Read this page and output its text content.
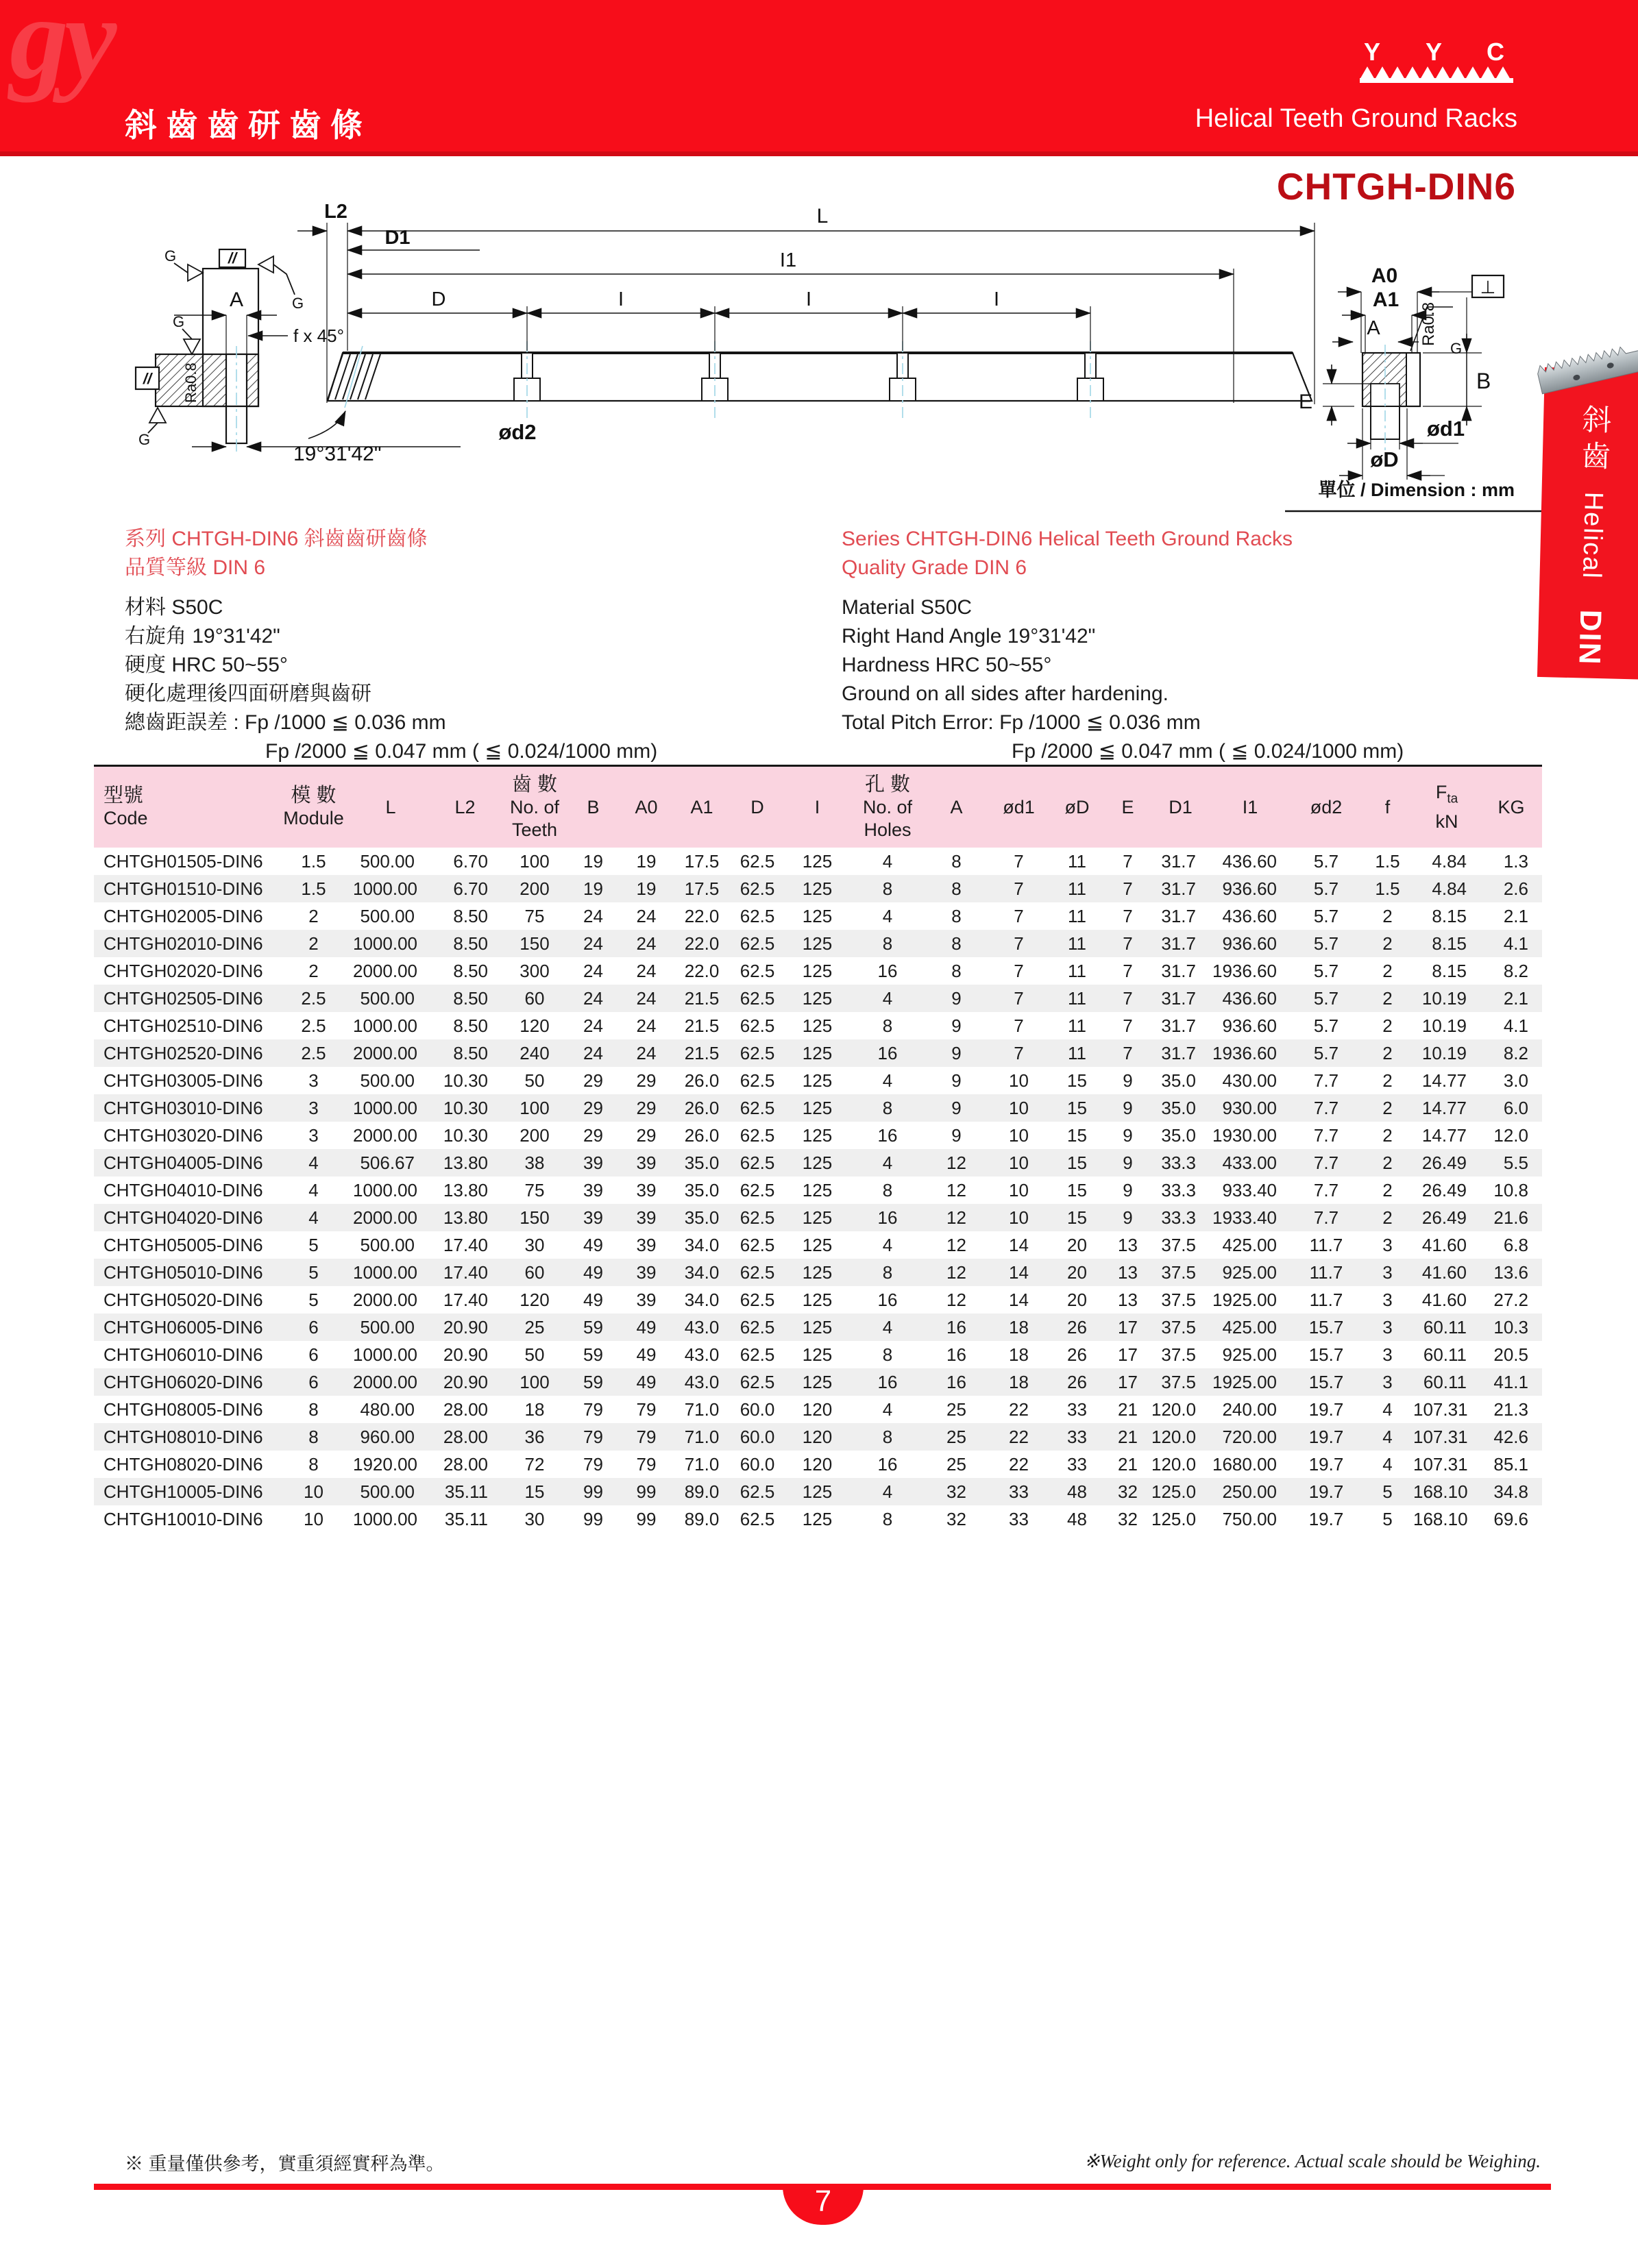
gy
斜齒齒研齒條	Helical Teeth Ground Racks
Y Y C
CHTGH-DIN6
//
//
G
G
G
G
Ra0.8
A
f x 45°
ød2
19°31'42"
L2	L
I1
D1
D	I	I	I
A0
A1
A
⊥
B
E
ød1
øD
Ra0.8
G
單位 / Dimension : mm
斜齒
Helical
DIN
系列 CHTGH-DIN6 斜齒齒研齒條
品質等級 DIN 6
材料 S50C
右旋角 19°31'42"
硬度 HRC 50~55°
硬化處理後四面研磨與齒研
總齒距誤差 : Fp /1000 ≦ 0.036 mm
Fp /2000 ≦ 0.047 mm ( ≦ 0.024/1000 mm)
Series CHTGH-DIN6 Helical Teeth Ground Racks
Quality Grade DIN 6
Material S50C
Right Hand Angle 19°31'42"
Hardness HRC 50~55°
Ground on all sides after hardening.
Total Pitch Error: Fp /1000 ≦ 0.036 mm
Fp /2000 ≦ 0.047 mm ( ≦ 0.024/1000 mm)
型號
Code

模 數
Module

L	L2

齒 數
No. of
Teeth

B	A0	A1	D	I

孔 數
No. of
Holes

A	ød1	øD	E	D1	I1	ød2	f

$F_{ta}$
kN

KG

CHTGH01505-DIN6	1.5	500.00	6.70	100	19	19	17.5	62.5	125	4	8	7	11	7	31.7	436.60	5.7	1.5	4.84	1.3
CHTGH01510-DIN6	1.5	1000.00	6.70	200	19	19	17.5	62.5	125	8	8	7	11	7	31.7	936.60	5.7	1.5	4.84	2.6
CHTGH02005-DIN6	2	500.00	8.50	75	24	24	22.0	62.5	125	4	8	7	11	7	31.7	436.60	5.7	2	8.15	2.1
CHTGH02010-DIN6	2	1000.00	8.50	150	24	24	22.0	62.5	125	8	8	7	11	7	31.7	936.60	5.7	2	8.15	4.1
CHTGH02020-DIN6	2	2000.00	8.50	300	24	24	22.0	62.5	125	16	8	7	11	7	31.7	1936.60	5.7	2	8.15	8.2
CHTGH02505-DIN6	2.5	500.00	8.50	60	24	24	21.5	62.5	125	4	9	7	11	7	31.7	436.60	5.7	2	10.19	2.1
CHTGH02510-DIN6	2.5	1000.00	8.50	120	24	24	21.5	62.5	125	8	9	7	11	7	31.7	936.60	5.7	2	10.19	4.1
CHTGH02520-DIN6	2.5	2000.00	8.50	240	24	24	21.5	62.5	125	16	9	7	11	7	31.7	1936.60	5.7	2	10.19	8.2
CHTGH03005-DIN6	3	500.00	10.30	50	29	29	26.0	62.5	125	4	9	10	15	9	35.0	430.00	7.7	2	14.77	3.0
CHTGH03010-DIN6	3	1000.00	10.30	100	29	29	26.0	62.5	125	8	9	10	15	9	35.0	930.00	7.7	2	14.77	6.0
CHTGH03020-DIN6	3	2000.00	10.30	200	29	29	26.0	62.5	125	16	9	10	15	9	35.0	1930.00	7.7	2	14.77	12.0
CHTGH04005-DIN6	4	506.67	13.80	38	39	39	35.0	62.5	125	4	12	10	15	9	33.3	433.00	7.7	2	26.49	5.5
CHTGH04010-DIN6	4	1000.00	13.80	75	39	39	35.0	62.5	125	8	12	10	15	9	33.3	933.40	7.7	2	26.49	10.8
CHTGH04020-DIN6	4	2000.00	13.80	150	39	39	35.0	62.5	125	16	12	10	15	9	33.3	1933.40	7.7	2	26.49	21.6
CHTGH05005-DIN6	5	500.00	17.40	30	49	39	34.0	62.5	125	4	12	14	20	13	37.5	425.00	11.7	3	41.60	6.8
CHTGH05010-DIN6	5	1000.00	17.40	60	49	39	34.0	62.5	125	8	12	14	20	13	37.5	925.00	11.7	3	41.60	13.6
CHTGH05020-DIN6	5	2000.00	17.40	120	49	39	34.0	62.5	125	16	12	14	20	13	37.5	1925.00	11.7	3	41.60	27.2
CHTGH06005-DIN6	6	500.00	20.90	25	59	49	43.0	62.5	125	4	16	18	26	17	37.5	425.00	15.7	3	60.11	10.3
CHTGH06010-DIN6	6	1000.00	20.90	50	59	49	43.0	62.5	125	8	16	18	26	17	37.5	925.00	15.7	3	60.11	20.5
CHTGH06020-DIN6	6	2000.00	20.90	100	59	49	43.0	62.5	125	16	16	18	26	17	37.5	1925.00	15.7	3	60.11	41.1
CHTGH08005-DIN6	8	480.00	28.00	18	79	79	71.0	60.0	120	4	25	22	33	21	120.0	240.00	19.7	4	107.31	21.3
CHTGH08010-DIN6	8	960.00	28.00	36	79	79	71.0	60.0	120	8	25	22	33	21	120.0	720.00	19.7	4	107.31	42.6
CHTGH08020-DIN6	8	1920.00	28.00	72	79	79	71.0	60.0	120	16	25	22	33	21	120.0	1680.00	19.7	4	107.31	85.1
CHTGH10005-DIN6	10	500.00	35.11	15	99	99	89.0	62.5	125	4	32	33	48	32	125.0	250.00	19.7	5	168.10	34.8
CHTGH10010-DIN6	10	1000.00	35.11	30	99	99	89.0	62.5	125	8	32	33	48	32	125.0	750.00	19.7	5	168.10	69.6
※ 重量僅供參考，實重須經實秤為準。	※Weight only for reference. Actual scale should be Weighing.
7
